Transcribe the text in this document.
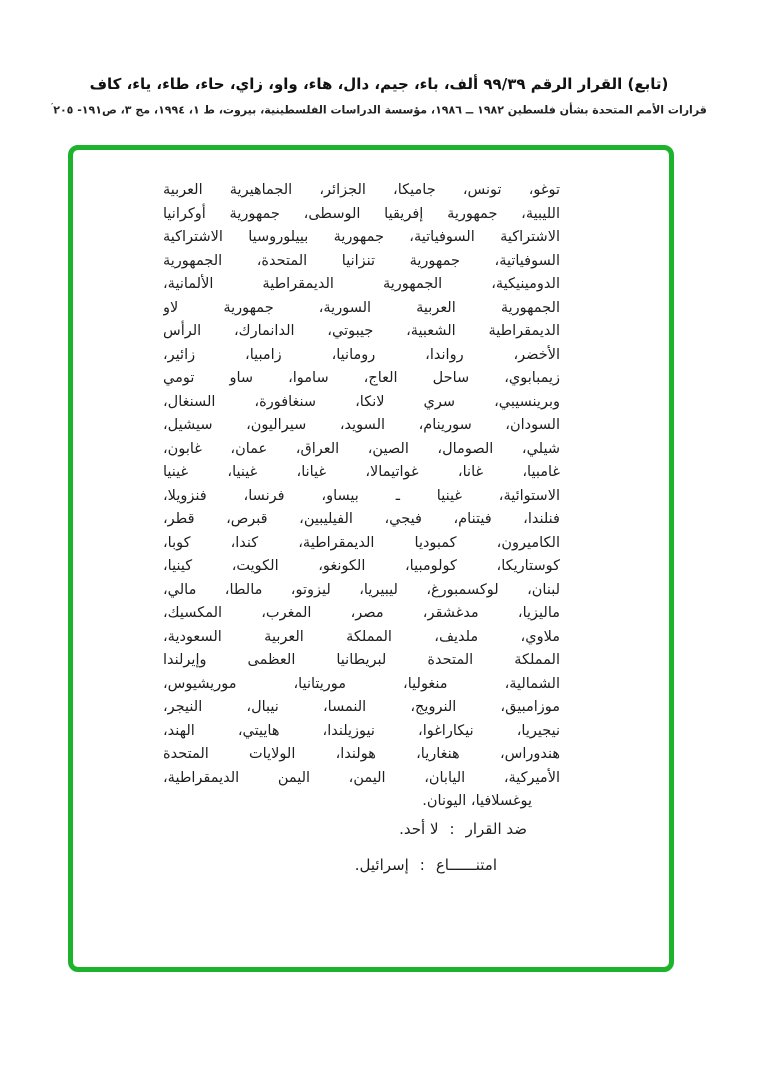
(تابع) القرار الرقم ٩٩/٣٩ ألف، باء، جيم، دال، هاء، واو، زاي، حاء، طاء، ياء، كاف
قرارات الأمم المتحدة بشأن فلسطين ١٩٨٢ ــ ١٩٨٦، مؤسسة الدراسات الفلسطينية، بيروت، ط ١، ١٩٩٤، مج ٣، ص١٩١- ٢٠٥′
توغو، تونس، جاميكا، الجزائر، الجماهيرية العربية
الليبية، جمهورية إفريقيا الوسطى، جمهورية أوكرانيا
الاشتراكية السوفياتية، جمهورية بييلوروسيا الاشتراكية
السوفياتية، جمهورية تنزانيا المتحدة، الجمهورية
الدومينيكية، الجمهورية الديمقراطية الألمانية،
الجمهورية العربية السورية، جمهورية لاو
الديمقراطية الشعبية، جيبوتي، الدانمارك، الرأس
الأخضر، رواندا، رومانيا، زامبيا، زائير،
زيمبابوي، ساحل العاج، ساموا، ساو تومي
وبرينسيبي، سري لانكا، سنغافورة، السنغال،
السودان، سورينام، السويد، سيراليون، سيشيل،
شيلي، الصومال، الصين، العراق، عمان، غابون،
غامبيا، غانا، غواتيمالا، غيانا، غينيا، غينيا
الاستوائية، غينيا ـ بيساو، فرنسا، فنزويلا،
فنلندا، فيتنام، فيجي، الفيليبين، قبرص، قطر،
الكاميرون، كمبوديا الديمقراطية، كندا، كوبا،
كوستاريكا، كولومبيا، الكونغو، الكويت، كينيا،
لبنان، لوكسمبورغ، ليبيريا، ليزوتو، مالطا، مالي،
ماليزيا، مدغشقر، مصر، المغرب، المكسيك،
ملاوي، ملديف، المملكة العربية السعودية،
المملكة المتحدة لبريطانيا العظمى وإيرلندا
الشمالية، منغوليا، موريتانيا، موريشيوس،
موزامبيق، النرويج، النمسا، نيبال، النيجر،
نيجيريا، نيكاراغوا، نيوزيلندا، هاييتي، الهند،
هندوراس، هنغاريا، هولندا، الولايات المتحدة
الأميركية، اليابان، اليمن، اليمن الديمقراطية،
يوغسلافيا، اليونان.
ضد القرار:لا أحد.
امتنــــــاع:إسرائيل.
